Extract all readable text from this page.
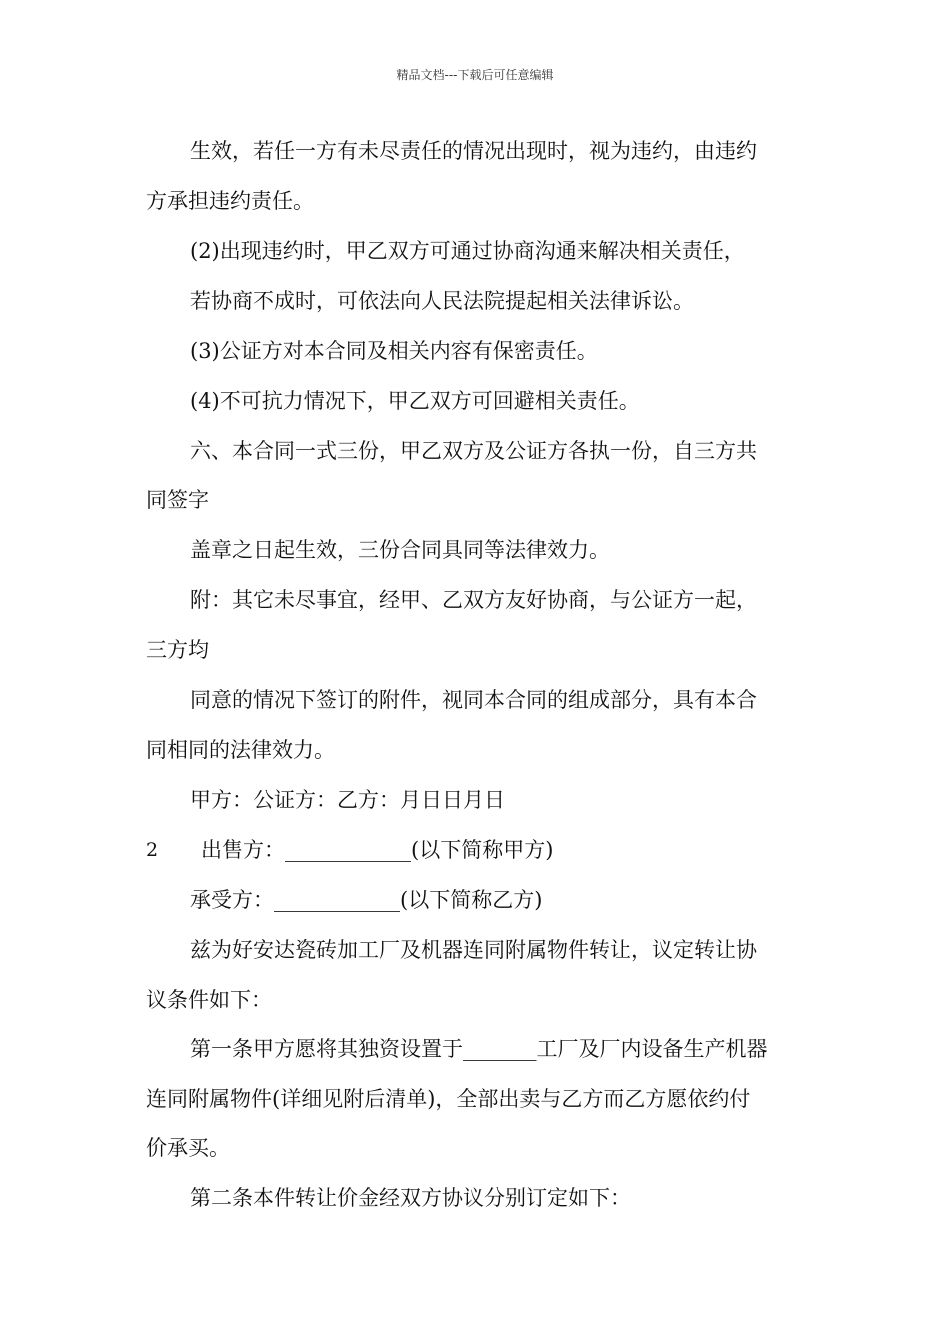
精品文档---下载后可任意编辑
生效，若任一方有未尽责任的情况出现时，视为违约，由违约
方承担违约责任。
(2)出现违约时，甲乙双方可通过协商沟通来解决相关责任，
若协商不成时，可依法向人民法院提起相关法律诉讼。
(3)公证方对本合同及相关内容有保密责任。
(4)不可抗力情况下，甲乙双方可回避相关责任。
六、本合同一式三份，甲乙双方及公证方各执一份，自三方共
同签字
盖章之日起生效，三份合同具同等法律效力。
附：其它未尽事宜，经甲、乙双方友好协商，与公证方一起，
三方均
同意的情况下签订的附件，视同本合同的组成部分，具有本合
同相同的法律效力。
甲方：公证方：乙方：月日日月日
2 出售方：____________(以下简称甲方)
承受方：____________(以下简称乙方)
兹为好安达瓷砖加工厂及机器连同附属物件转让，议定转让协
议条件如下：
第一条甲方愿将其独资设置于_______工厂及厂内设备生产机器
连同附属物件(详细见附后清单)，全部出卖与乙方而乙方愿依约付
价承买。
第二条本件转让价金经双方协议分别订定如下：
